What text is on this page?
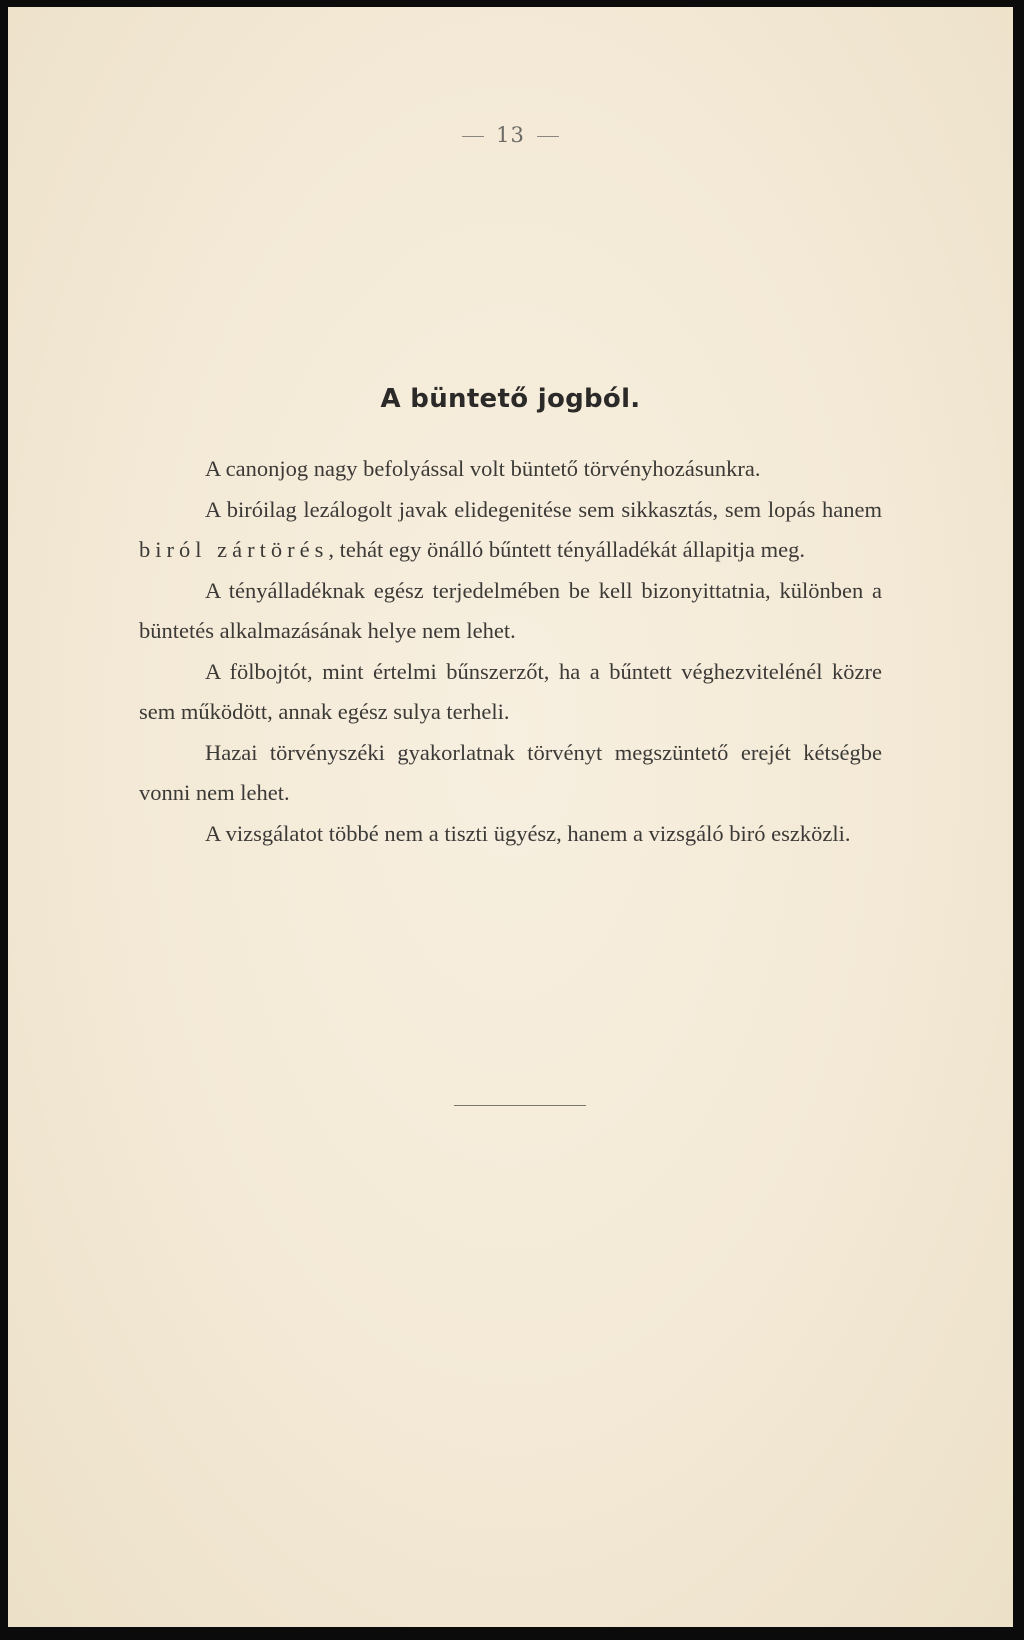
13
A büntető jogból.

A canonjog nagy befolyással volt büntető törvényhozásunkra.

A biróilag lezálogolt javak elidegenitése sem sikkasztás, sem lopás hanem biról zártörés, tehát egy önálló bűntett tényálladékát állapitja meg.

A tényálladéknak egész terjedelmében be kell bizonyittatnia, különben a büntetés alkalmazásának helye nem lehet.

A fölbojtót, mint értelmi bűnszerzőt, ha a bűntett véghezvitelénél közre sem működött, annak egész sulya terheli.

Hazai törvényszéki gyakorlatnak törvényt megszüntető erejét kétségbe vonni nem lehet.

A vizsgálatot többé nem a tiszti ügyész, hanem a vizsgáló biró eszközli.
